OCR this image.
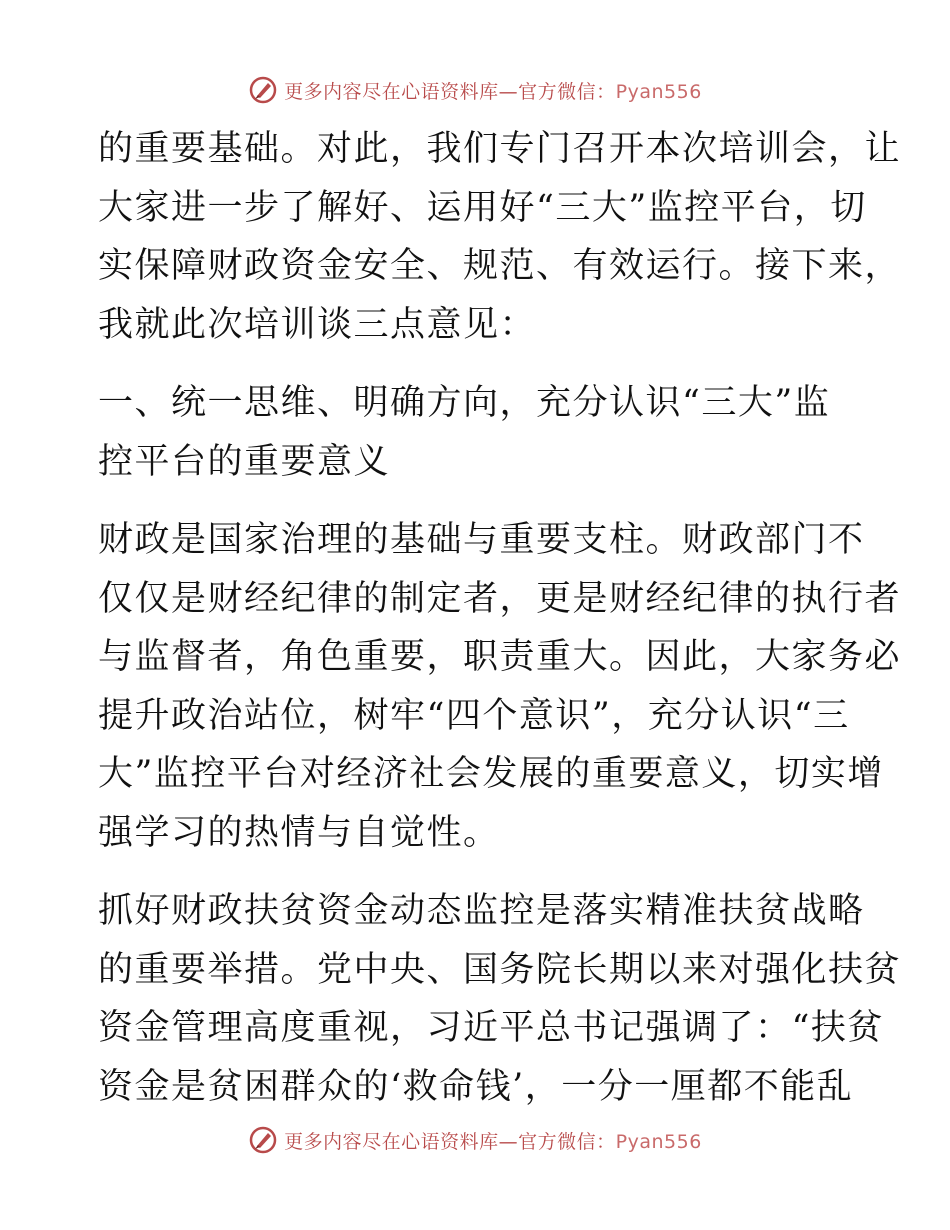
更多内容尽在心语资料库—官方微信：Pyan556
的重要基础。对此，我们专门召开本次培训会，让
大家进一步了解好、运用好“三大”监控平台，切
实保障财政资金安全、规范、有效运行。接下来，
我就此次培训谈三点意见：
一、统一思维、明确方向，充分认识“三大”监
控平台的重要意义
财政是国家治理的基础与重要支柱。财政部门不
仅仅是财经纪律的制定者，更是财经纪律的执行者
与监督者，角色重要，职责重大。因此，大家务必
提升政治站位，树牢“四个意识”，充分认识“三
大”监控平台对经济社会发展的重要意义，切实增
强学习的热情与自觉性。
抓好财政扶贫资金动态监控是落实精准扶贫战略
的重要举措。党中央、国务院长期以来对强化扶贫
资金管理高度重视，习近平总书记强调了：“扶贫
资金是贫困群众的‘救命钱’，一分一厘都不能乱
更多内容尽在心语资料库—官方微信：Pyan556
